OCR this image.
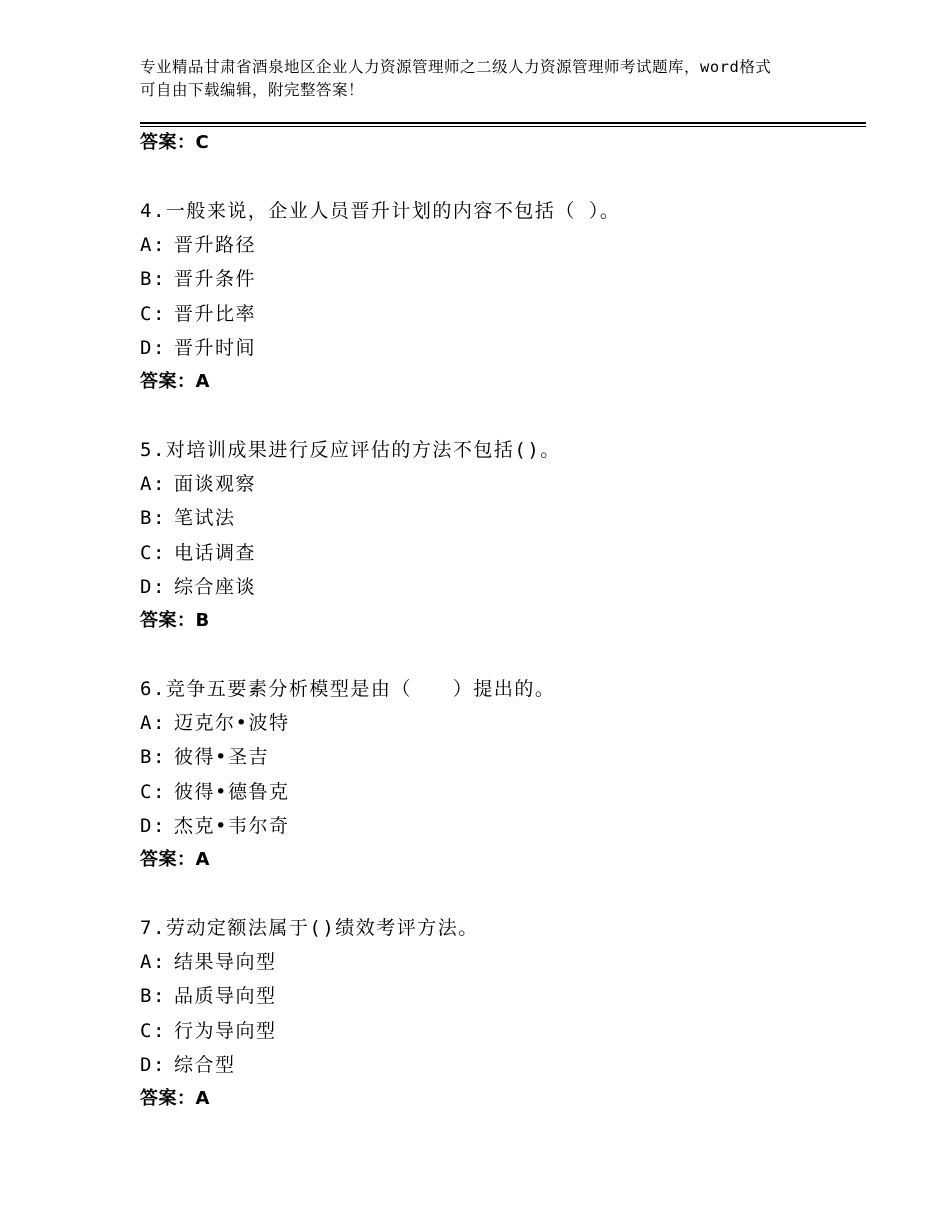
专业精品甘肃省酒泉地区企业人力资源管理师之二级人力资源管理师考试题库，word格式可自由下载编辑，附完整答案！
答案：C
4.一般来说，企业人员晋升计划的内容不包括（ ）。
A: 晋升路径
B: 晋升条件
C: 晋升比率
D: 晋升时间
答案：A
5.对培训成果进行反应评估的方法不包括()。
A: 面谈观察
B: 笔试法
C: 电话调查
D: 综合座谈
答案：B
6.竞争五要素分析模型是由（　　）提出的。
A: 迈克尔•波特
B: 彼得•圣吉
C: 彼得•德鲁克
D: 杰克•韦尔奇
答案：A
7.劳动定额法属于()绩效考评方法。
A: 结果导向型
B: 品质导向型
C: 行为导向型
D: 综合型
答案：A
